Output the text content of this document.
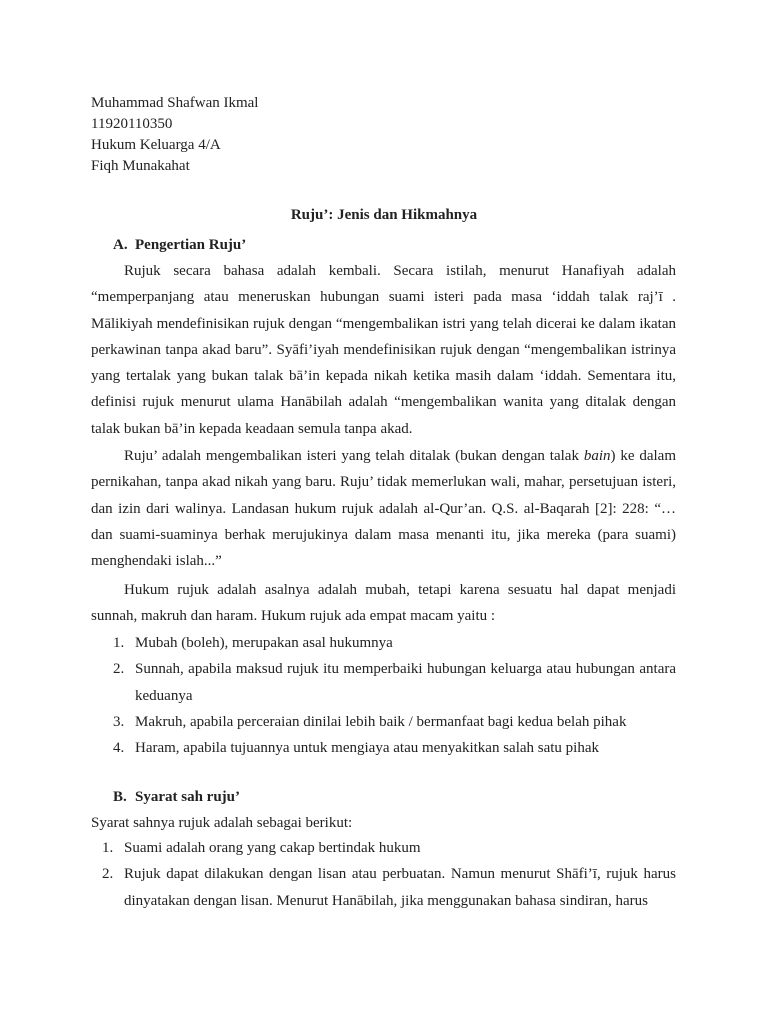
Muhammad Shafwan Ikmal
11920110350
Hukum Keluarga 4/A
Fiqh Munakahat
Ruju’: Jenis dan Hikmahnya
A. Pengertian Ruju’
Rujuk secara bahasa adalah kembali. Secara istilah, menurut Hanafiyah adalah “memperpanjang atau meneruskan hubungan suami isteri pada masa ‘iddah talak raj’ī . Mālikiyah mendefinisikan rujuk dengan “mengembalikan istri yang telah dicerai ke dalam ikatan perkawinan tanpa akad baru”. Syāfi’iyah mendefinisikan rujuk dengan “mengembalikan istrinya yang tertalak yang bukan talak bā’in kepada nikah ketika masih dalam ‘iddah. Sementara itu, definisi rujuk menurut ulama Hanābilah adalah “mengembalikan wanita yang ditalak dengan talak bukan bā’in kepada keadaan semula tanpa akad.
Ruju’ adalah mengembalikan isteri yang telah ditalak (bukan dengan talak bain) ke dalam pernikahan, tanpa akad nikah yang baru. Ruju’ tidak memerlukan wali, mahar, persetujuan isteri, dan izin dari walinya. Landasan hukum rujuk adalah al-Qur’an. Q.S. al-Baqarah [2]: 228: “… dan suami-suaminya berhak merujukinya dalam masa menanti itu, jika mereka (para suami) menghendaki islah...”
Hukum rujuk adalah asalnya adalah mubah, tetapi karena sesuatu hal dapat menjadi sunnah, makruh dan haram. Hukum rujuk ada empat macam yaitu :
1. Mubah (boleh), merupakan asal hukumnya
2. Sunnah, apabila maksud rujuk itu memperbaiki hubungan keluarga atau hubungan antara keduanya
3. Makruh, apabila perceraian dinilai lebih baik / bermanfaat bagi kedua belah pihak
4. Haram, apabila tujuannya untuk mengiaya atau menyakitkan salah satu pihak
B. Syarat sah ruju’
Syarat sahnya rujuk adalah sebagai berikut:
1. Suami adalah orang yang cakap bertindak hukum
2. Rujuk dapat dilakukan dengan lisan atau perbuatan. Namun menurut Shāfi’ī, rujuk harus dinyatakan dengan lisan. Menurut Hanābilah, jika menggunakan bahasa sindiran, harus
